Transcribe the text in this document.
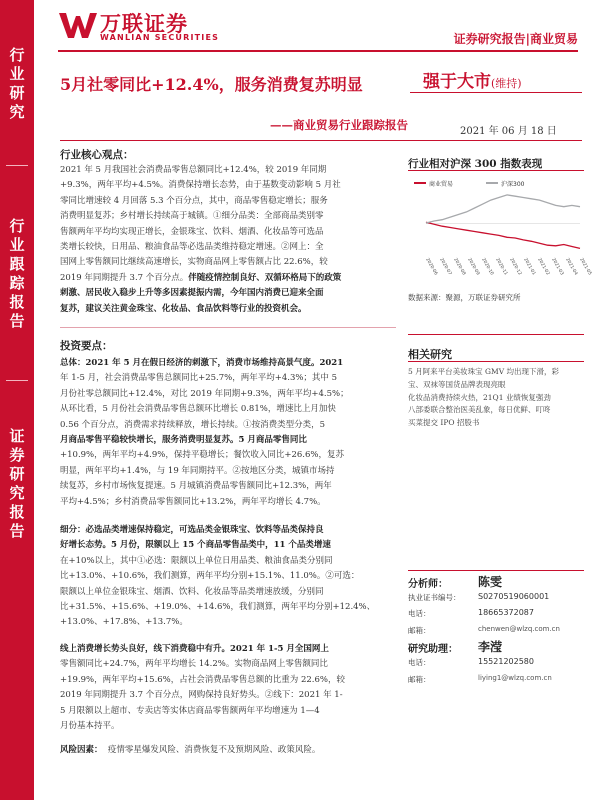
行业研究
行业跟踪报告
证券研究报告
万联证券
WANLIAN SECURITIES	证券研究报告|商业贸易
5月社零同比+12.4%，服务消费复苏明显
——商业贸易行业跟踪报告
强于大市(维持)
2021 年 06 月 18 日
行业核心观点：
2021 年 5 月我国社会消费品零售总额同比+12.4%，较 2019 年同期
+9.3%，两年平均+4.5%。消费保持增长态势，由于基数变动影响 5 月社
零同比增速较 4 月回落 5.3 个百分点，其中，商品零售稳定增长；服务
消费明显复苏；乡村增长持续高于城镇。①细分品类：全部商品类别零
售额两年平均均实现正增长，金银珠宝、饮料、烟酒、化妆品等可选品
类增长较快，日用品、粮油食品等必选品类维持稳定增速。②网上：全
国网上零售额同比继续高速增长，实物商品网上零售额占比 22.6%，较
2019 年同期提升 3.7 个百分点。伴随疫情控制良好、双循环格局下的政策
刺激、居民收入稳步上升等多因素提振内需，今年国内消费已迎来全面
复苏，建议关注黄金珠宝、化妆品、食品饮料等行业的投资机会。
投资要点：
总体：2021 年 5 月在假日经济的刺激下，消费市场维持高景气度。2021
年 1-5 月，社会消费品零售总额同比+25.7%，两年平均+4.3%；其中 5
月份社零总额同比+12.4%，对比 2019 年同期+9.3%，两年平均+4.5%；
从环比看，5 月份社会消费品零售总额环比增长 0.81%，增速比上月加快
0.56 个百分点，消费需求持续释放，增长持续。①按消费类型分类，5
月商品零售平稳较快增长，服务消费明显复苏。5 月商品零售同比
+10.9%，两年平均+4.9%，保持平稳增长；餐饮收入同比+26.6%，复苏
明显，两年平均+1.4%，与 19 年同期持平。②按地区分类，城镇市场持
续复苏，乡村市场恢复提速。5 月城镇消费品零售额同比+12.3%，两年
平均+4.5%；乡村消费品零售额同比+13.2%，两年平均增长 4.7%。
细分：必选品类增速保持稳定，可选品类金银珠宝、饮料等品类保持良
好增长态势。5 月份，限额以上 15 个商品零售品类中，11 个品类增速
在+10%以上，其中①必选：限额以上单位日用品类、粮油食品类分别同
比+13.0%、+10.6%，我们测算，两年平均分别+15.1%、11.0%。②可选：
限额以上单位金银珠宝、烟酒、饮料、化妆品等品类增速放缓，分别同
比+31.5%、+15.6%、+19.0%、+14.6%，我们测算，两年平均分别+12.4%、
+13.0%、+17.8%、+13.7%。
线上消费增长势头良好，线下消费稳中有升。2021 年 1-5 月全国网上
零售额同比+24.7%，两年平均增长 14.2%。实物商品网上零售额同比
+19.9%，两年平均+15.6%，占社会消费品零售总额的比重为 22.6%，较
2019 年同期提升 3.7 个百分点，网购保持良好势头。②线下：2021 年 1-
5 月限额以上超市、专卖店等实体店商品零售额两年平均增速为 1—4
月份基本持平。
风险因素： 疫情零星爆发风险、消费恢复不及预期风险、政策风险。
行业相对沪深 300 指数表现
商业贸易	沪深300
2020-06 2020-07 2020-08 2020-09 2020-10 2020-11 2020-12 2021-01 2021-02 2021-03 2021-04 2021-05
数据来源：聚源，万联证券研究所
相关研究
5 月阿来平台美妆珠宝 GMV 均出现下滑，彩
宝、双袜等国货品牌表现亮眼
化妆品消费持续火热，21Q1 业绩恢复强劲
八部委联合整治医美乱象，每日优鲜、叮咚
买菜提交 IPO 招股书
分析师：	陈雯
执业证书编号： S0270519060001
电话：	18665372087
邮箱：	chenwen@wlzq.com.cn
研究助理： 李滢
电话：	15521202580
邮箱：	liying1@wlzq.com.cn
